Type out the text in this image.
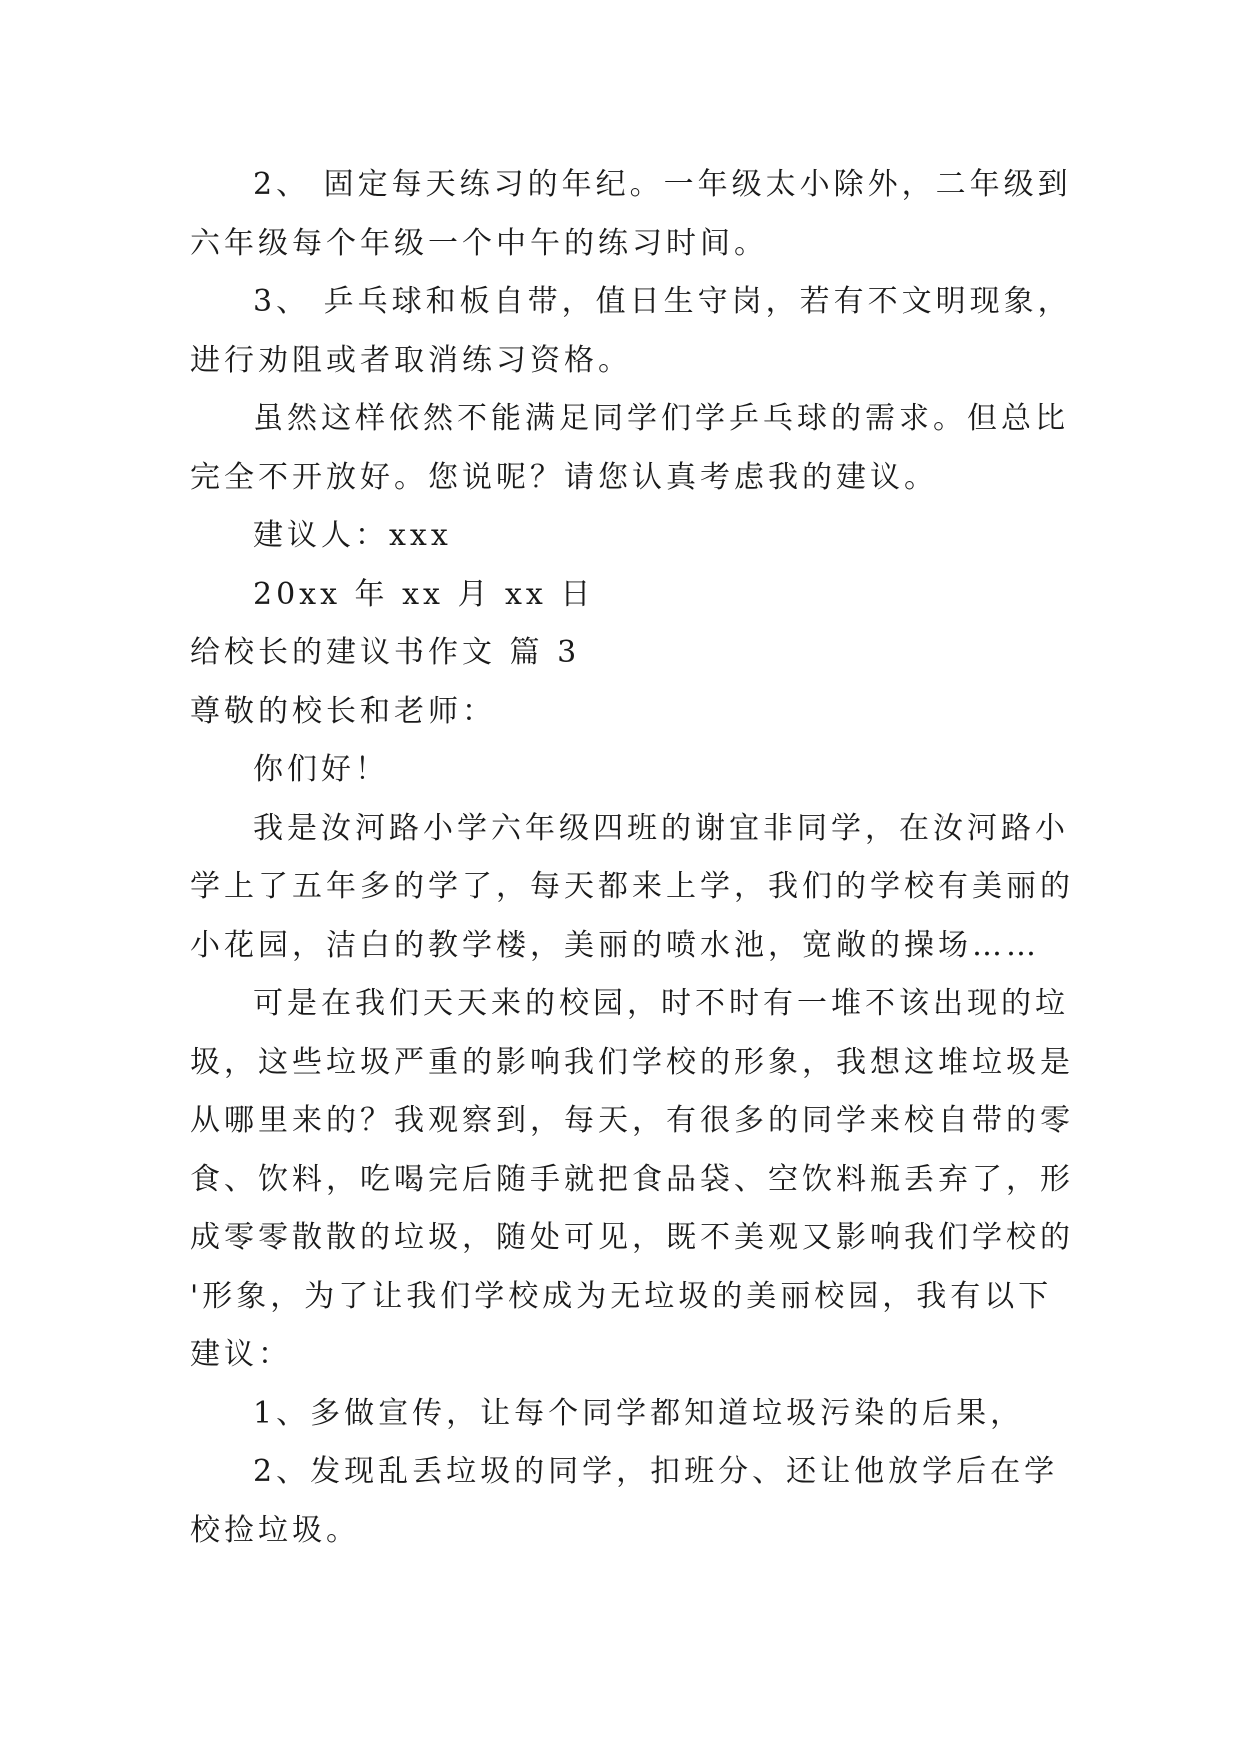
2、 固定每天练习的年纪。一年级太小除外，二年级到

六年级每个年级一个中午的练习时间。

3、 乒乓球和板自带，值日生守岗，若有不文明现象，

进行劝阻或者取消练习资格。

虽然这样依然不能满足同学们学乒乓球的需求。但总比

完全不开放好。您说呢？请您认真考虑我的建议。

建议人：xxx

20xx 年 xx 月 xx 日

给校长的建议书作文 篇 3

尊敬的校长和老师：

你们好！

我是汝河路小学六年级四班的谢宜非同学，在汝河路小

学上了五年多的学了，每天都来上学，我们的学校有美丽的

小花园，洁白的教学楼，美丽的喷水池，宽敞的操场……

可是在我们天天来的校园，时不时有一堆不该出现的垃

圾，这些垃圾严重的影响我们学校的形象，我想这堆垃圾是

从哪里来的？我观察到，每天，有很多的同学来校自带的零

食、饮料，吃喝完后随手就把食品袋、空饮料瓶丢弃了，形

成零零散散的垃圾，随处可见，既不美观又影响我们学校的

'形象，为了让我们学校成为无垃圾的美丽校园，我有以下

建议：

1、多做宣传，让每个同学都知道垃圾污染的后果，

2、发现乱丢垃圾的同学，扣班分、还让他放学后在学

校捡垃圾。
